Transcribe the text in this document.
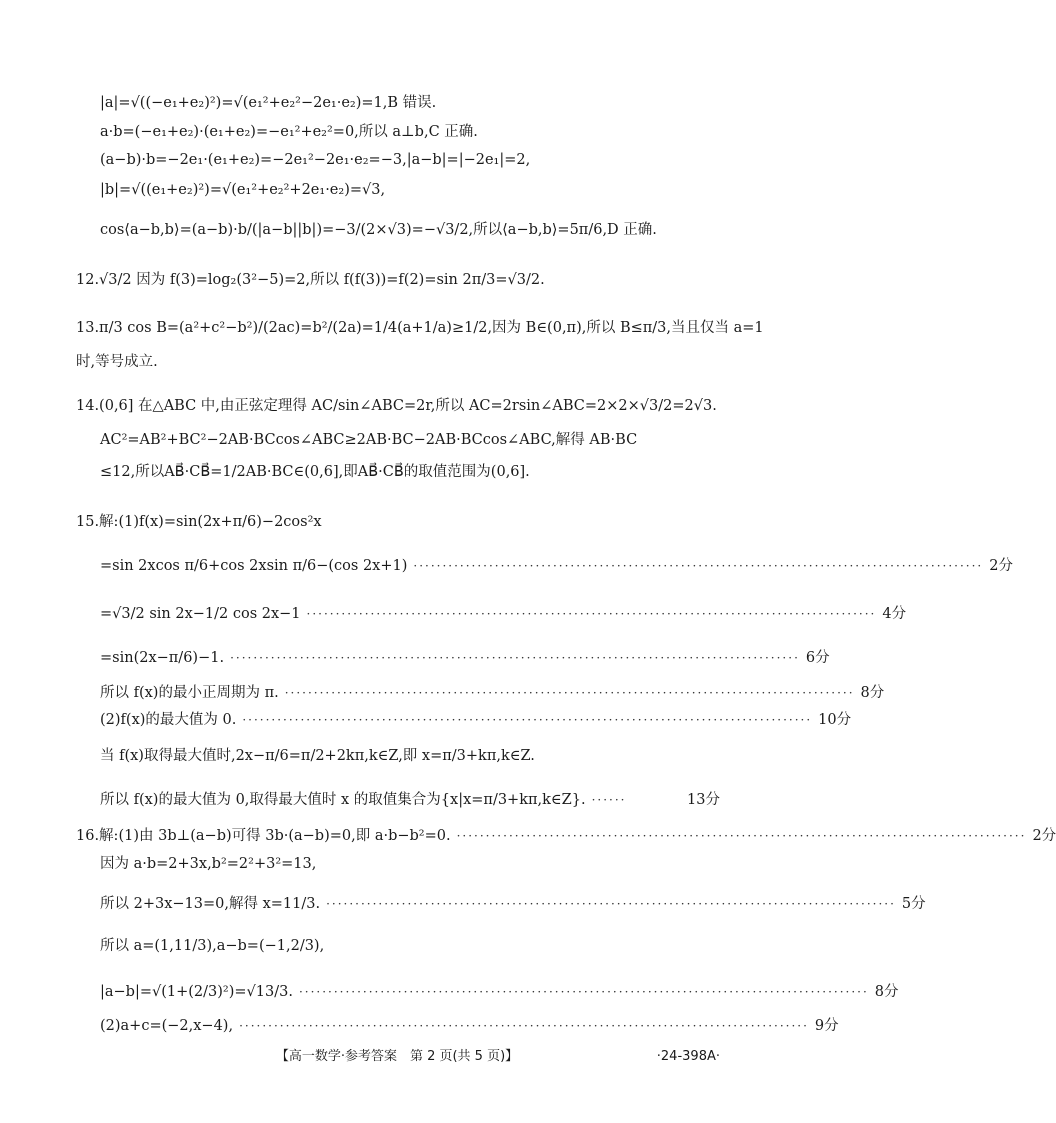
|a|=√((−e₁+e₂)²)=√(e₁²+e₂²−2e₁·e₂)=1,B 错误.
a·b=(−e₁+e₂)·(e₁+e₂)=−e₁²+e₂²=0,所以 a⊥b,C 正确.
(a−b)·b=−2e₁·(e₁+e₂)=−2e₁²−2e₁·e₂=−3,|a−b|=|−2e₁|=2,
|b|=√((e₁+e₂)²)=√(e₁²+e₂²+2e₁·e₂)=√3,
cos⟨a−b,b⟩=(a−b)·b/(|a−b||b|)=−3/(2×√3)=−√3/2,所以⟨a−b,b⟩=5π/6,D 正确.
12.√3/2 因为 f(3)=log₂(3²−5)=2,所以 f(f(3))=f(2)=sin 2π/3=√3/2.
13.π/3 cos B=(a²+c²−b²)/(2ac)=b²/(2a)=1/4(a+1/a)≥1/2,因为 B∈(0,π),所以 B≤π/3,当且仅当 a=1
时,等号成立.
14.(0,6] 在△ABC 中,由正弦定理得 AC/sin∠ABC=2r,所以 AC=2rsin∠ABC=2×2×√3/2=2√3.
AC²=AB²+BC²−2AB·BCcos∠ABC≥2AB·BC−2AB·BCcos∠ABC,解得 AB·BC
≤12,所以AB⃗·CB⃗=1/2AB·BC∈(0,6],即AB⃗·CB⃗的取值范围为(0,6].
15.解:(1)f(x)=sin(2x+π/6)−2cos²x
=sin 2xcos π/6+cos 2xsin π/6−(cos 2x+1) ·································································································· 2分
=√3/2 sin 2x−1/2 cos 2x−1 ·································································································· 4分
=sin(2x−π/6)−1. ·································································································· 6分
所以 f(x)的最小正周期为 π. ·································································································· 8分
(2)f(x)的最大值为 0. ·································································································· 10分
当 f(x)取得最大值时,2x−π/6=π/2+2kπ,k∈Z,即 x=π/3+kπ,k∈Z.
所以 f(x)的最大值为 0,取得最大值时 x 的取值集合为{x|x=π/3+kπ,k∈Z}. ······	13分
16.解:(1)由 3b⊥(a−b)可得 3b·(a−b)=0,即 a·b−b²=0. ·································································································· 2分
因为 a·b=2+3x,b²=2²+3²=13,
所以 2+3x−13=0,解得 x=11/3. ·································································································· 5分
所以 a=(1,11/3),a−b=(−1,2/3),
|a−b|=√(1+(2/3)²)=√13/3. ·································································································· 8分
(2)a+c=(−2,x−4), ·································································································· 9分
【高一数学·参考答案　第 2 页(共 5 页)】	·24-398A·
